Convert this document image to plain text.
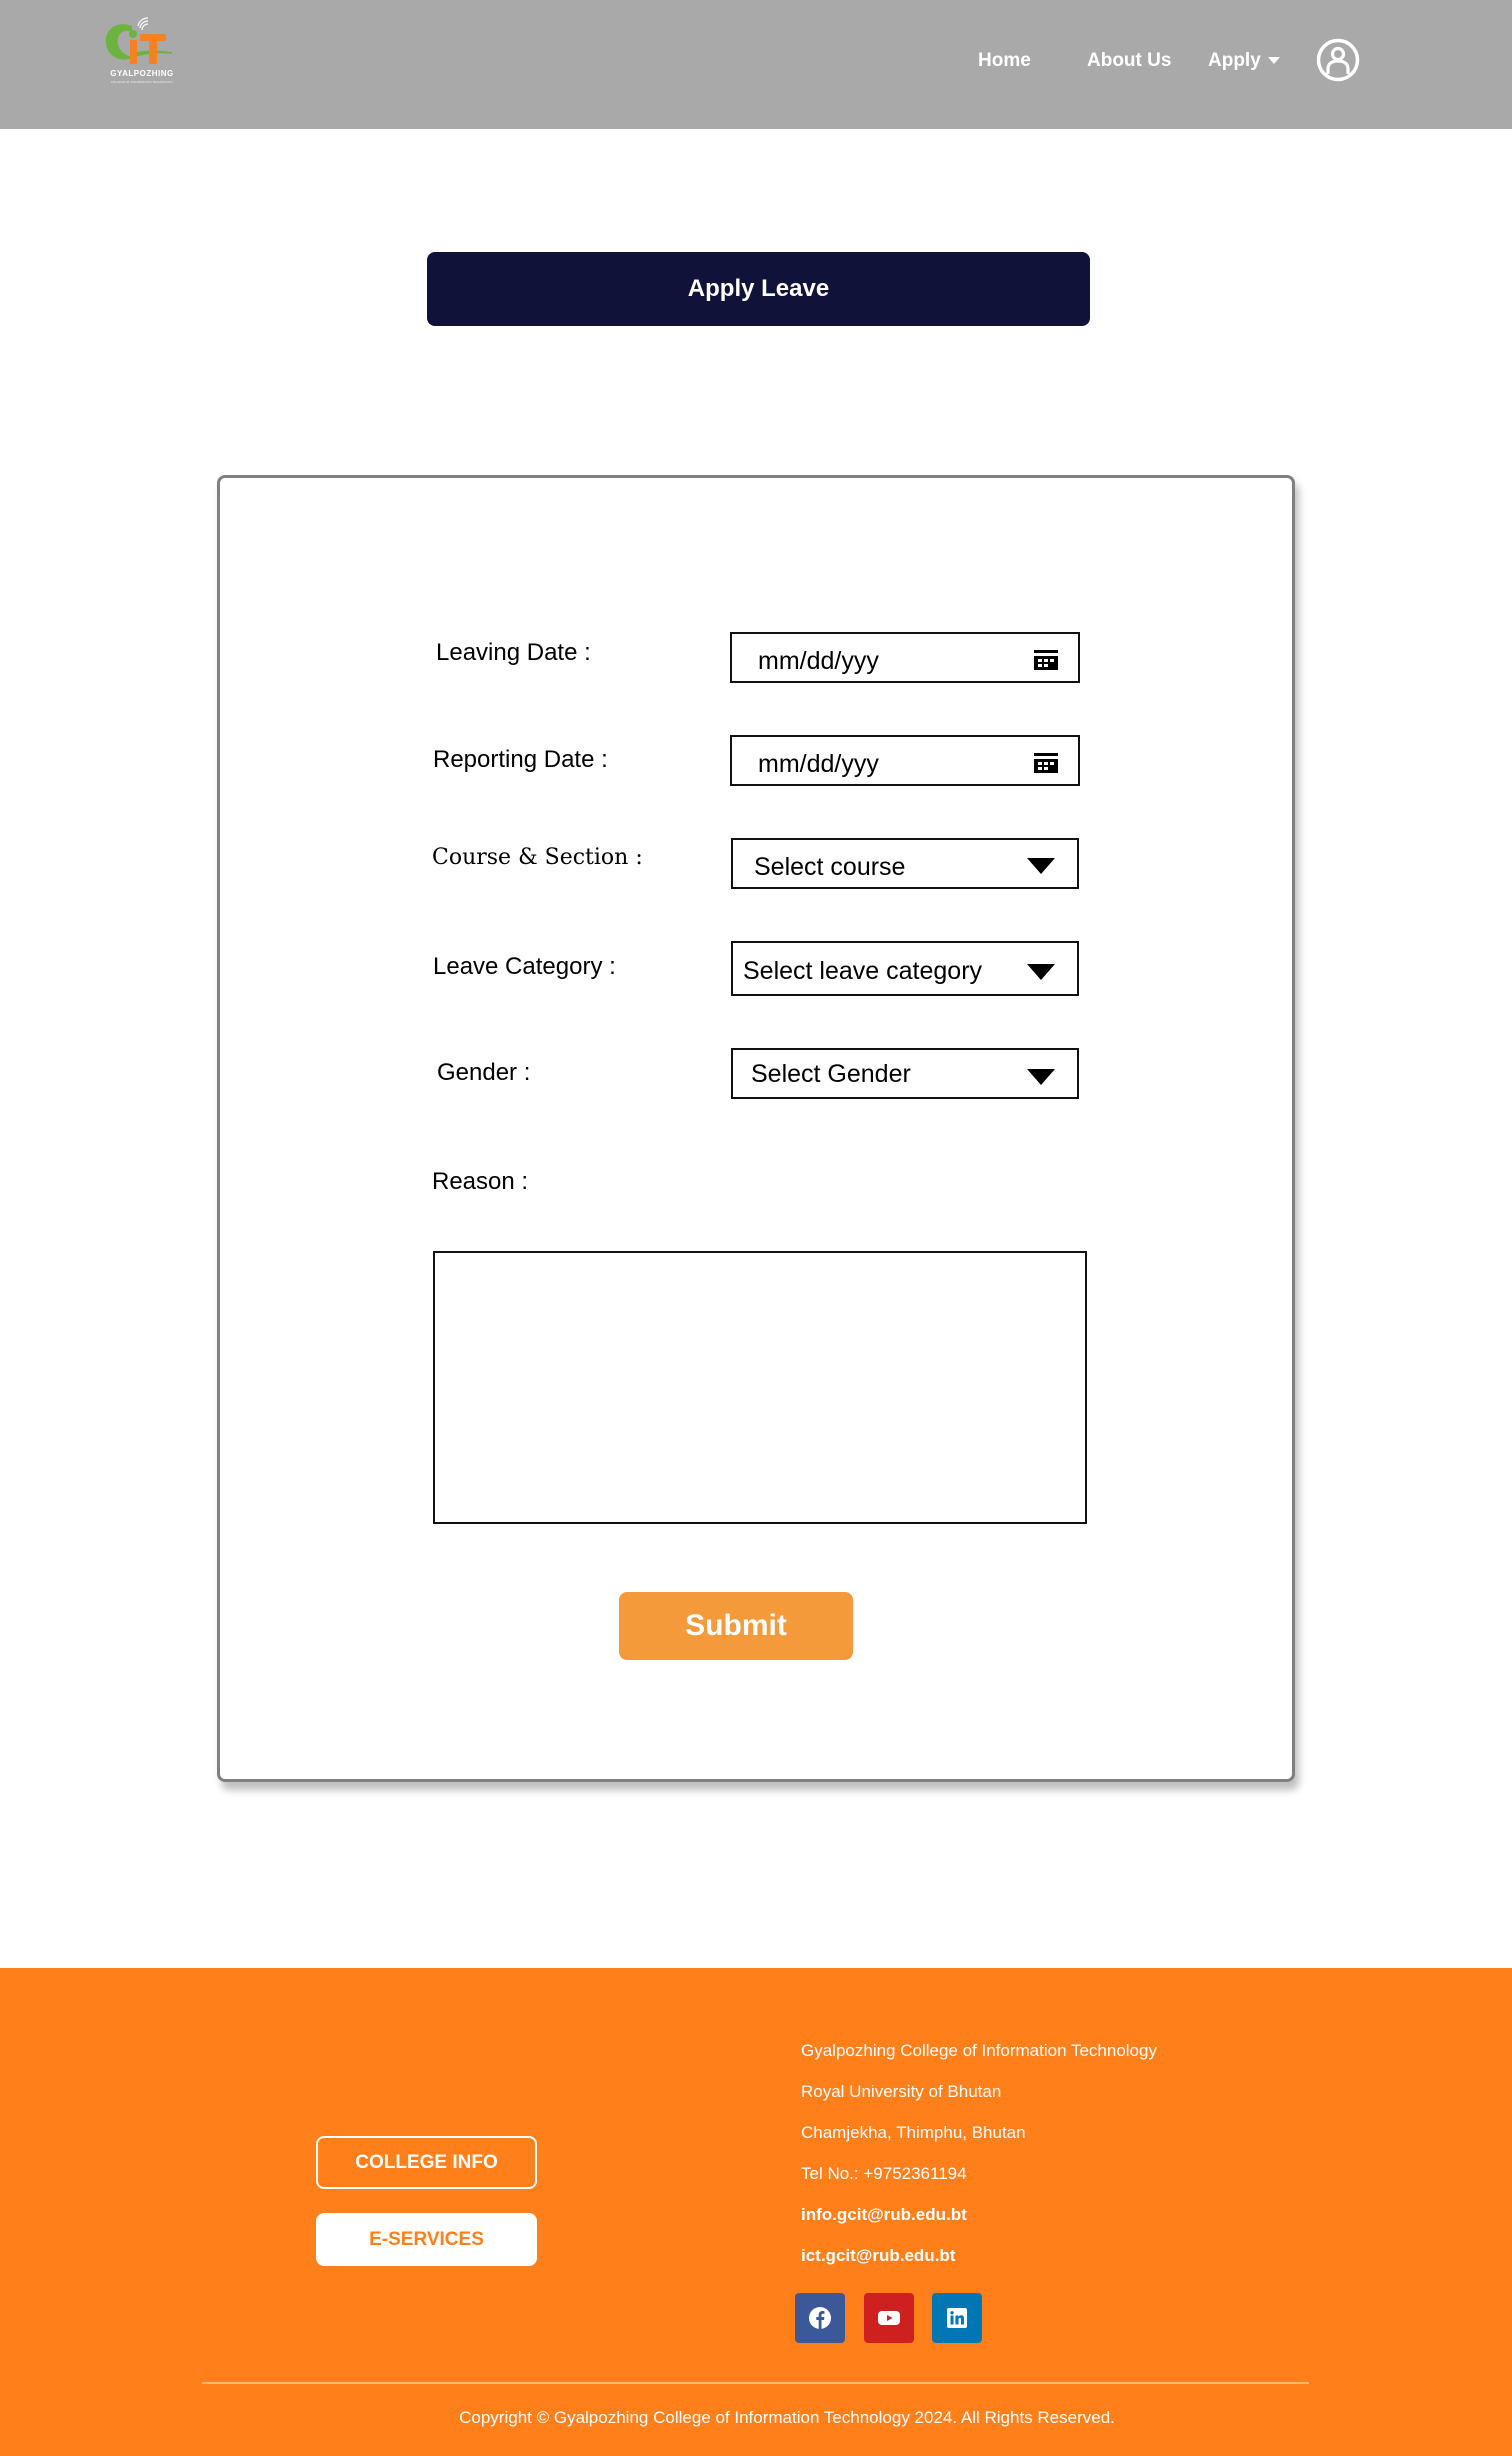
GYALPOZHING
COLLEGE OF INFORMATION TECHNOLOGY
Home	About Us Apply
Apply Leave
Leaving Date :	mm/dd/yyy
Reporting Date :	mm/dd/yyy
Course & Section :	Select course
Leave Category :	Select leave category
Gender :	Select Gender
Reason :
Submit
COLLEGE INFO
E-SERVICES
Gyalpozhing College of Information Technology
Royal University of Bhutan
Chamjekha, Thimphu, Bhutan
Tel No.: +9752361194
info.gcit@rub.edu.bt
ict.gcit@rub.edu.bt
Copyright © Gyalpozhing College of Information Technology 2024. All Rights Reserved.
